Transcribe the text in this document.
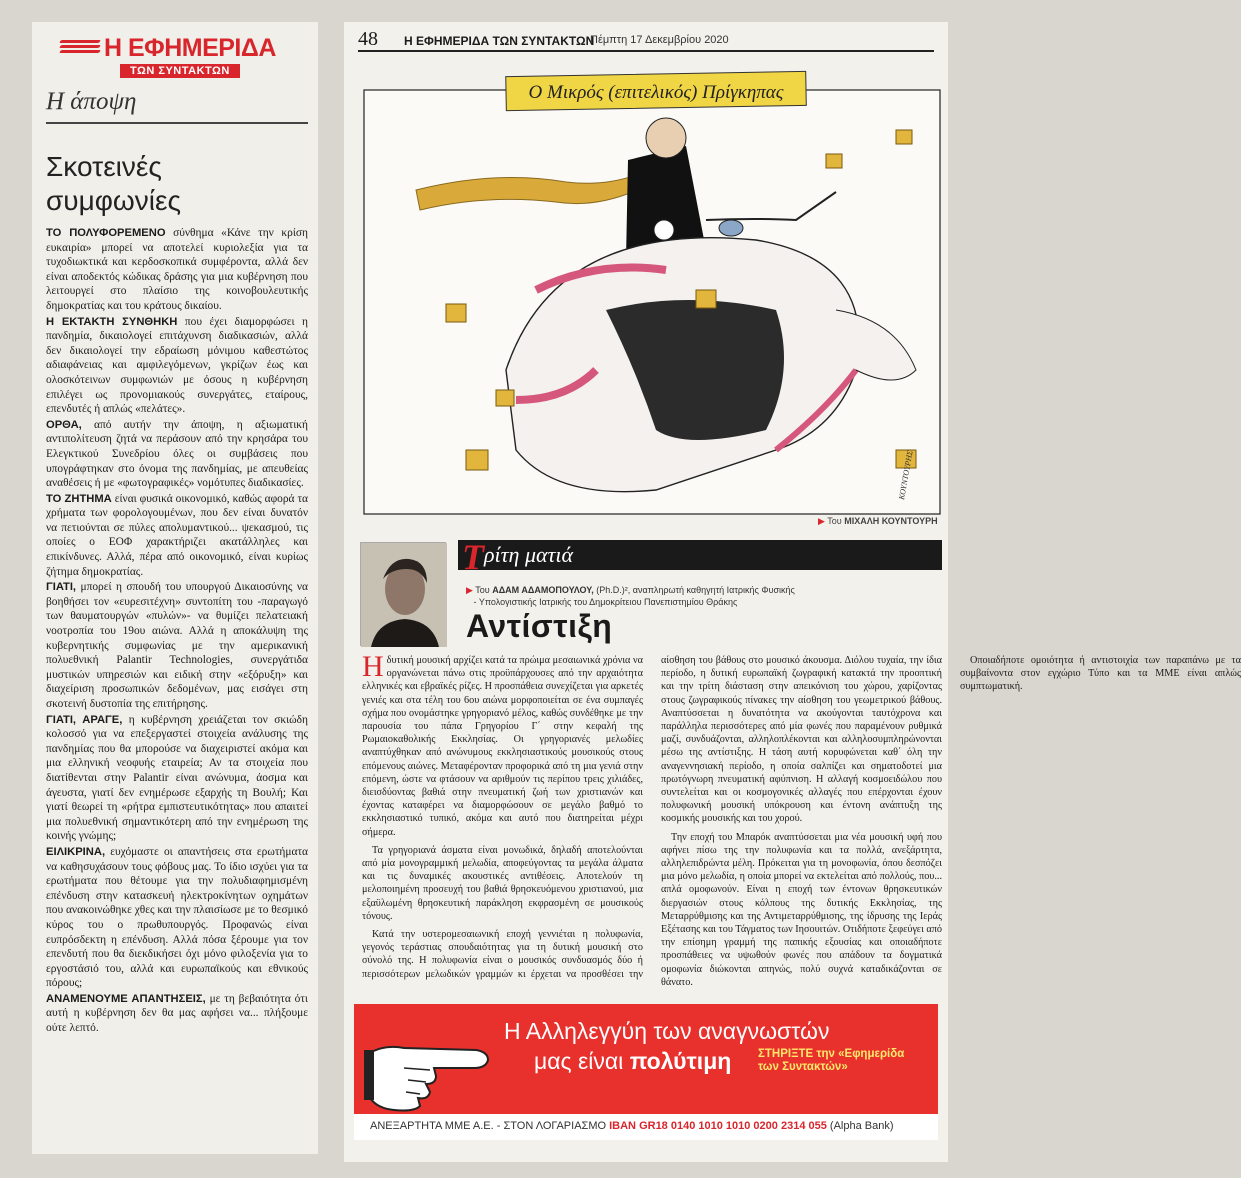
Η ΕΦΗΜΕΡΙΔΑ
ΤΩΝ ΣΥΝΤΑΚΤΩΝ
Η άποψη
Σκοτεινές
συμφωνίες

ΤΟ ΠΟΛΥΦΟΡΕΜΕΝΟ σύνθημα «Κάνε την κρίση ευκαιρία» μπορεί να αποτελεί κυριολεξία για τα τυχοδιωκτικά και κερδοσκοπικά συμφέροντα, αλλά δεν είναι αποδεκτός κώδικας δράσης για μια κυβέρνηση που λειτουργεί στο πλαίσιο της κοινοβουλευτικής δημοκρατίας και του κράτους δικαίου.

Η ΕΚΤΑΚΤΗ ΣΥΝΘΗΚΗ που έχει διαμορφώσει η πανδημία, δικαιολογεί επιτάχυνση διαδικασιών, αλλά δεν δικαιολογεί την εδραίωση μόνιμου καθεστώτος αδιαφάνειας και αμφιλεγόμενων, γκρίζων έως και ολοσκότεινων συμφωνιών με όσους η κυβέρνηση επιλέγει ως προνομιακούς συνεργάτες, εταίρους, επενδυτές ή απλώς «πελάτες».

ΟΡΘΑ, από αυτήν την άποψη, η αξιωματική αντιπολίτευση ζητά να περάσουν από την κρησάρα του Ελεγκτικού Συνεδρίου όλες οι συμβάσεις που υπογράφτηκαν στο όνομα της πανδημίας, με απευθείας αναθέσεις ή με «φωτογραφικές» νομότυπες διαδικασίες.

ΤΟ ΖΗΤΗΜΑ είναι φυσικά οικονομικό, καθώς αφορά τα χρήματα των φορολογουμένων, που δεν είναι δυνατόν να πετιούνται σε πύλες απολυμαντικού... ψεκασμού, τις οποίες ο ΕΟΦ χαρακτήριζει ακατάλληλες και επικίνδυνες. Αλλά, πέρα από οικονομικό, είναι κυρίως ζήτημα δημοκρατίας.

ΓΙΑΤΙ, μπορεί η σπουδή του υπουργού Δικαιοσύνης να βοηθήσει τον «ευρεσιτέχνη» συντοπίτη του -παραγωγό των θαυματουργών «πυλών»- να θυμίζει πελατειακή νοοτροπία του 19ου αιώνα. Αλλά η αποκάλυψη της κυβερνητικής συμφωνίας με την αμερικανική πολυεθνική Palantir Technologies, συνεργάτιδα μυστικών υπηρεσιών και ειδική στην «εξόρυξη» και διαχείριση προσωπικών δεδομένων, μας εισάγει στη σκοτεινή δυστοπία της επιτήρησης.

ΓΙΑΤΙ, ΑΡΑΓΕ, η κυβέρνηση χρειάζεται τον σκιώδη κολοσσό για να επεξεργαστεί στοιχεία ανάλυσης της πανδημίας που θα μπορούσε να διαχειριστεί ακόμα και μια ελληνική νεοφυής εταιρεία; Αν τα στοιχεία που διατίθενται στην Palantir είναι ανώνυμα, άοσμα και άγευστα, γιατί δεν ενημέρωσε εξαρχής τη Βουλή; Και γιατί θεωρεί τη «ρήτρα εμπιστευτικότητας» που απαιτεί μια πολυεθνική σημαντικότερη από την ενημέρωση της κοινής γνώμης;

ΕΙΛΙΚΡΙΝΑ, ευχόμαστε οι απαντήσεις στα ερωτήματα να καθησυχάσουν τους φόβους μας. Το ίδιο ισχύει για τα ερωτήματα που θέτουμε για την πολυδιαφημισμένη επένδυση στην κατασκευή ηλεκτροκίνητων οχημάτων που ανακοινώθηκε χθες και την πλαισίωσε με το θεσμικό κύρος του ο πρωθυπουργός. Προφανώς είναι ευπρόσδεκτη η επένδυση. Αλλά πόσα ξέρουμε για τον επενδυτή που θα διεκδικήσει όχι μόνο φιλοξενία για το εργοστάσιό του, αλλά και ευρωπαϊκούς και εθνικούς πόρους;

ΑΝΑΜΕΝΟΥΜΕ ΑΠΑΝΤΗΣΕΙΣ, με τη βεβαιότητα ότι αυτή η κυβέρνηση δεν θα μας αφήσει να... πλήξουμε ούτε λεπτό.

48 Η ΕΦΗΜΕΡΙΔΑ ΤΩΝ ΣΥΝΤΑΚΤΩΝ
Πέμπτη 17 Δεκεμβρίου 2020
Ο Μικρός (επιτελικός) Πρίγκηπας
ΚΟΥΝΤΟΥΡΗΣ
▶ Του ΜΙΧΑΛΗ ΚΟΥΝΤΟΥΡΗ
Τ ρίτη ματιά
▶ Του ΑΔΑΜ ΑΔΑΜΟΠΟΥΛΟΥ, (Ph.D.)², αναπληρωτή καθηγητή Ιατρικής Φυσικής
- Υπολογιστικής Ιατρικής του Δημοκρίτειου Πανεπιστημίου Θράκης
Αντίστιξη

Η δυτική μουσική αρχίζει κατά τα πρώιμα μεσαιωνικά χρόνια να οργανώνεται πάνω στις προϋπάρχουσες από την αρχαιότητα ελληνικές και εβραϊκές ρίζες. Η προσπάθεια συνεχίζεται για αρκετές γενιές και στα τέλη του 6ου αιώνα μορφοποιείται σε ένα συμπαγές σχήμα που ονομάστηκε γρηγοριανό μέλος, καθώς συνδέθηκε με την παρουσία του πάπα Γρηγορίου Γ΄ στην κεφαλή της Ρωμαιοκαθολικής Εκκλησίας. Οι γρηγοριανές μελωδίες αναπτύχθηκαν από ανώνυμους εκκλησιαστικούς μουσικούς στους επόμενους αιώνες. Μεταφέρονταν προφορικά από τη μια γενιά στην επόμενη, ώστε να φτάσουν να αριθμούν τις περίπου τρεις χιλιάδες, διεισδύοντας βαθιά στην πνευματική ζωή των χριστιανών και έχοντας καταφέρει να διαμορφώσουν σε μεγάλο βαθμό το εκκλησιαστικό τυπικό, ακόμα και αυτό που διατηρείται μέχρι σήμερα.

Τα γρηγοριανά άσματα είναι μονωδικά, δηλαδή αποτελούνται από μία μονογραμμική μελωδία, αποφεύγοντας τα μεγάλα άλματα και τις δυναμικές ακουστικές αντιθέσεις. Αποτελούν τη μελοποιημένη προσευχή του βαθιά θρησκευόμενου χριστιανού, μια εξαϋλωμένη θρησκευτική παράκληση εκφρασμένη σε μουσικούς τόνους.

Κατά την υστερομεσαιωνική εποχή γεννιέται η πολυφωνία, γεγονός τεράστιας σπουδαιότητας για τη δυτική μουσική στο σύνολό της. Η πολυφωνία είναι ο μουσικός συνδυασμός δύο ή περισσότερων μελωδικών γραμμών κι έρχεται να προσθέσει την αίσθηση του βάθους στο μουσικό άκουσμα. Διόλου τυχαία, την ίδια περίοδο, η δυτική ευρωπαϊκή ζωγραφική κατακτά την προοπτική και την τρίτη διάσταση στην απεικόνιση του χώρου, χαρίζοντας στους ζωγραφικούς πίνακες την αίσθηση του γεωμετρικού βάθους. Αναπτύσσεται η δυνατότητα να ακούγονται ταυτόχρονα και παράλληλα περισσότερες από μία φωνές που παραμένουν ρυθμικά μαζί, συνδυάζονται, αλληλοπλέκονται και αλληλοσυμπληρώνονται μέσω της αντίστιξης. Η τάση αυτή κορυφώνεται καθ΄ όλη την αναγεννησιακή περίοδο, η οποία σαλπίζει και σηματοδοτεί μια πρωτόγνωρη πνευματική αφύπνιση. Η αλλαγή κοσμοειδώλου που συντελείται και οι κοσμογονικές αλλαγές που επέρχονται έχουν πολυφωνική μουσική υπόκρουση και έντονη ανάπτυξη της κοσμικής μουσικής και του χορού.

Την εποχή του Μπαρόκ αναπτύσσεται μια νέα μουσική υφή που αφήνει πίσω της την πολυφωνία και τα πολλά, ανεξάρτητα, αλληλεπιδρώντα μέλη. Πρόκειται για τη μονοφωνία, όπου δεσπόζει μια μόνο μελωδία, η οποία μπορεί να εκτελείται από πολλούς, που... απλά ομοφωνούν. Είναι η εποχή των έντονων θρησκευτικών διεργασιών στους κόλπους της δυτικής Εκκλησίας, της Μεταρρύθμισης και της Αντιμεταρρύθμισης, της ίδρυσης της Ιεράς Εξέτασης και του Τάγματος των Ιησουιτών. Οτιδήποτε ξεφεύγει από την επίσημη γραμμή της παπικής εξουσίας και οποιαδήποτε προσπάθειες να υψωθούν φωνές που απάδουν τα δογματικά ομοφωνία διώκονται απηνώς, πολύ συχνά καταδικάζονται σε θάνατο.

Οποιαδήποτε ομοιότητα ή αντιστοιχία των παραπάνω με τα συμβαίνοντα στον εγχώριο Τύπο και τα ΜΜΕ είναι απλώς συμπτωματική.

Η Αλληλεγγύη των αναγνωστών
μας είναι πολύτιμη ΣΤΗΡΙΞΤΕ την «Εφημερίδα των Συντακτών»
ΑΝΕΞΑΡΤΗΤΑ ΜΜΕ Α.Ε. - ΣΤΟΝ ΛΟΓΑΡΙΑΣΜΟ IBAN GR18 0140 1010 1010 0200 2314 055 (Alpha Bank)
